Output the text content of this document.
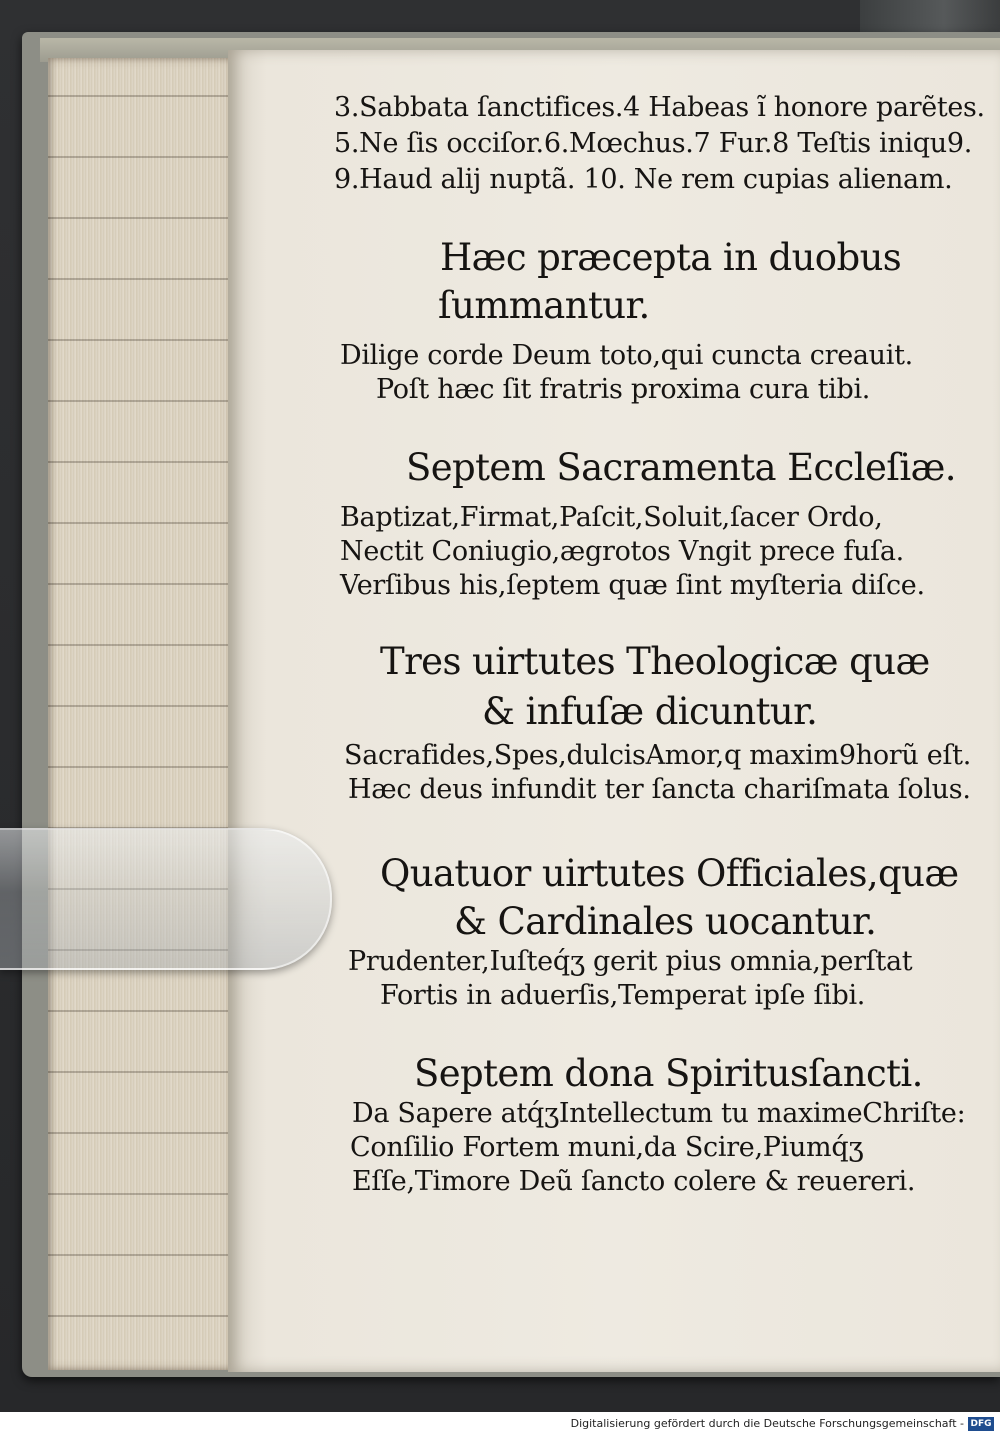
3.Sabbata ſanctifices.4 Habeas ĩ honore parẽtes.
5.Ne ſis occiſor.6.Mœchus.7 Fur.8 Teſtis iniqu9.
9.Haud alij nuptã. 10. Ne rem cupias alienam.
Hæc præcepta in duobus
ſummantur.
Dilige corde Deum toto,qui cuncta creauit.
Poſt hæc ſit fratris proxima cura tibi.
Septem Sacramenta Eccleſiæ.
Baptizat,Firmat,Paſcit,Soluit,ſacer Ordo,
Nectit Coniugio,ægrotos Vngit prece fuſa.
Verſibus his,ſeptem quæ ſint myſteria diſce.
Tres uirtutes Theologicæ quæ
& infuſæ dicuntur.
Sacrafides,Spes,dulcisAmor,q maxim9horũ eſt.
Hæc deus infundit ter ſancta chariſmata ſolus.
Quatuor uirtutes Officiales,quæ
& Cardinales uocantur.
Prudenter,Iuſteq́ʒ gerit pius omnia,perſtat
Fortis in aduerſis,Temperat ipſe ſibi.
Septem dona Spiritusſancti.
Da Sapere atq́ʒIntellectum tu maximeChriſte:
Conſilio Fortem muni,da Scire,Piumq́ʒ
Eſſe,Timore Deũ ſancto colere & reuereri.
Digitalisierung gefördert durch die Deutsche Forschungsgemeinschaft - DFG
